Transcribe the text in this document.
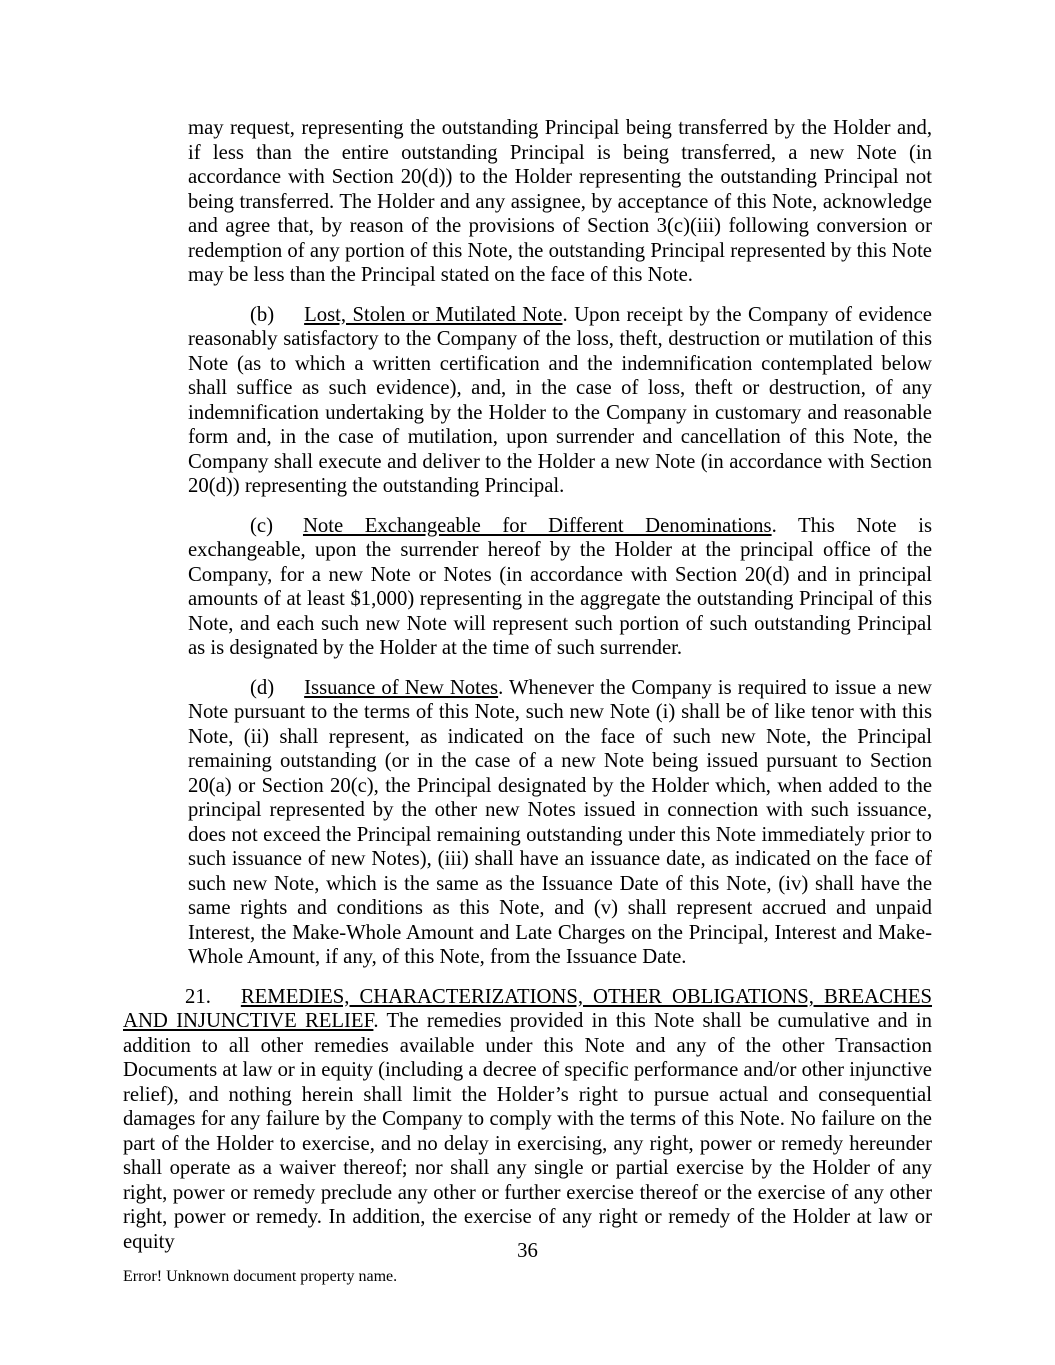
may request, representing the outstanding Principal being transferred by the Holder and, if less than the entire outstanding Principal is being transferred, a new Note (in accordance with Section 20(d)) to the Holder representing the outstanding Principal not being transferred. The Holder and any assignee, by acceptance of this Note, acknowledge and agree that, by reason of the provisions of Section 3(c)(iii) following conversion or redemption of any portion of this Note, the outstanding Principal represented by this Note may be less than the Principal stated on the face of this Note.

(b) Lost, Stolen or Mutilated Note. Upon receipt by the Company of evidence reasonably satisfactory to the Company of the loss, theft, destruction or mutilation of this Note (as to which a written certification and the indemnification contemplated below shall suffice as such evidence), and, in the case of loss, theft or destruction, of any indemnification undertaking by the Holder to the Company in customary and reasonable form and, in the case of mutilation, upon surrender and cancellation of this Note, the Company shall execute and deliver to the Holder a new Note (in accordance with Section 20(d)) representing the outstanding Principal.

(c) Note Exchangeable for Different Denominations. This Note is exchangeable, upon the surrender hereof by the Holder at the principal office of the Company, for a new Note or Notes (in accordance with Section 20(d) and in principal amounts of at least $1,000) representing in the aggregate the outstanding Principal of this Note, and each such new Note will represent such portion of such outstanding Principal as is designated by the Holder at the time of such surrender.

(d) Issuance of New Notes. Whenever the Company is required to issue a new Note pursuant to the terms of this Note, such new Note (i) shall be of like tenor with this Note, (ii) shall represent, as indicated on the face of such new Note, the Principal remaining outstanding (or in the case of a new Note being issued pursuant to Section 20(a) or Section 20(c), the Principal designated by the Holder which, when added to the principal represented by the other new Notes issued in connection with such issuance, does not exceed the Principal remaining outstanding under this Note immediately prior to such issuance of new Notes), (iii) shall have an issuance date, as indicated on the face of such new Note, which is the same as the Issuance Date of this Note, (iv) shall have the same rights and conditions as this Note, and (v) shall represent accrued and unpaid Interest, the Make-Whole Amount and Late Charges on the Principal, Interest and Make-Whole Amount, if any, of this Note, from the Issuance Date.

21. REMEDIES, CHARACTERIZATIONS, OTHER OBLIGATIONS, BREACHES AND INJUNCTIVE RELIEF. The remedies provided in this Note shall be cumulative and in addition to all other remedies available under this Note and any of the other Transaction Documents at law or in equity (including a decree of specific performance and/or other injunctive relief), and nothing herein shall limit the Holder’s right to pursue actual and consequential damages for any failure by the Company to comply with the terms of this Note. No failure on the part of the Holder to exercise, and no delay in exercising, any right, power or remedy hereunder shall operate as a waiver thereof; nor shall any single or partial exercise by the Holder of any right, power or remedy preclude any other or further exercise thereof or the exercise of any other right, power or remedy. In addition, the exercise of any right or remedy of the Holder at law or equity	36
Error! Unknown document property name.
